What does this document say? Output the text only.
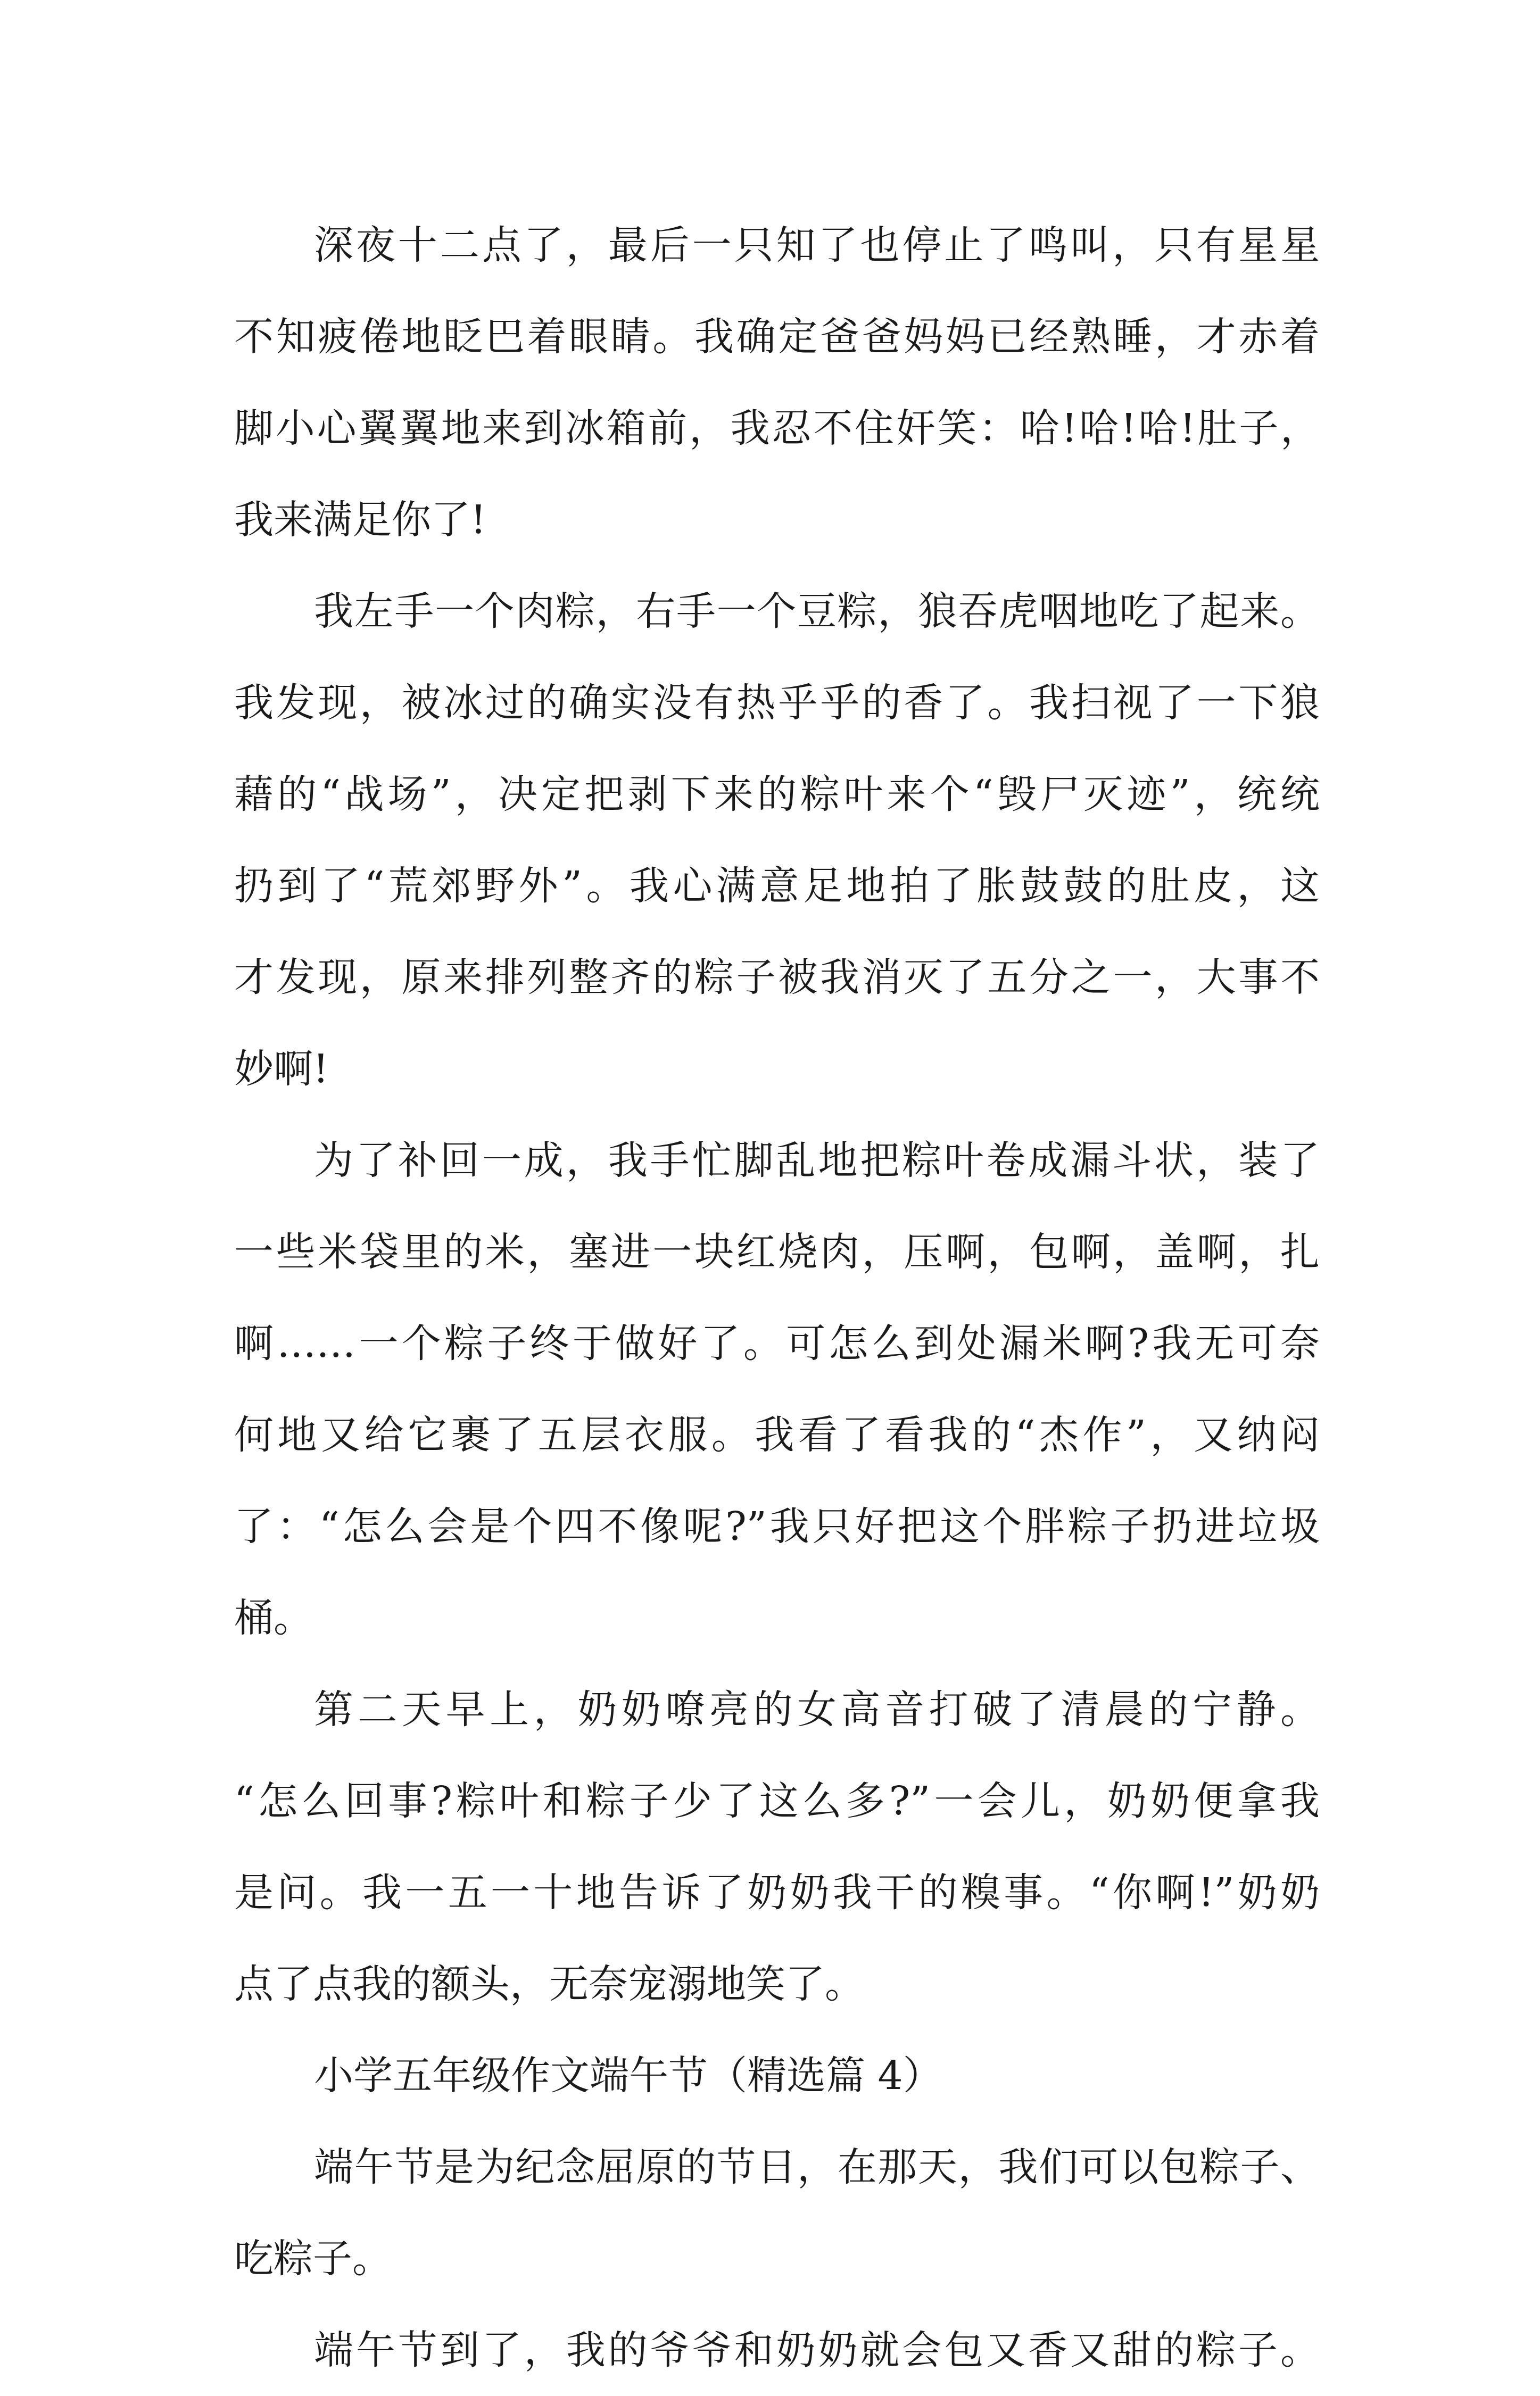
深夜十二点了，最后一只知了也停止了鸣叫，只有星星
不知疲倦地眨巴着眼睛。我确定爸爸妈妈已经熟睡，才赤着
脚小心翼翼地来到冰箱前，我忍不住奸笑：哈!哈!哈!肚子，
我来满足你了!
我左手一个肉粽，右手一个豆粽，狼吞虎咽地吃了起来。
我发现，被冰过的确实没有热乎乎的香了。我扫视了一下狼
藉的“战场”，决定把剥下来的粽叶来个“毁尸灭迹”，统统
扔到了“荒郊野外”。我心满意足地拍了胀鼓鼓的肚皮，这
才发现，原来排列整齐的粽子被我消灭了五分之一，大事不
妙啊!
为了补回一成，我手忙脚乱地把粽叶卷成漏斗状，装了
一些米袋里的米，塞进一块红烧肉，压啊，包啊，盖啊，扎
啊……一个粽子终于做好了。可怎么到处漏米啊?我无可奈
何地又给它裹了五层衣服。我看了看我的“杰作”，又纳闷
了：“怎么会是个四不像呢?”我只好把这个胖粽子扔进垃圾
桶。
第二天早上，奶奶嘹亮的女高音打破了清晨的宁静。
“怎么回事?粽叶和粽子少了这么多?”一会儿，奶奶便拿我
是问。我一五一十地告诉了奶奶我干的糗事。“你啊!”奶奶
点了点我的额头，无奈宠溺地笑了。
小学五年级作文端午节（精选篇 4）
端午节是为纪念屈原的节日，在那天，我们可以包粽子、
吃粽子。
端午节到了，我的爷爷和奶奶就会包又香又甜的粽子。
